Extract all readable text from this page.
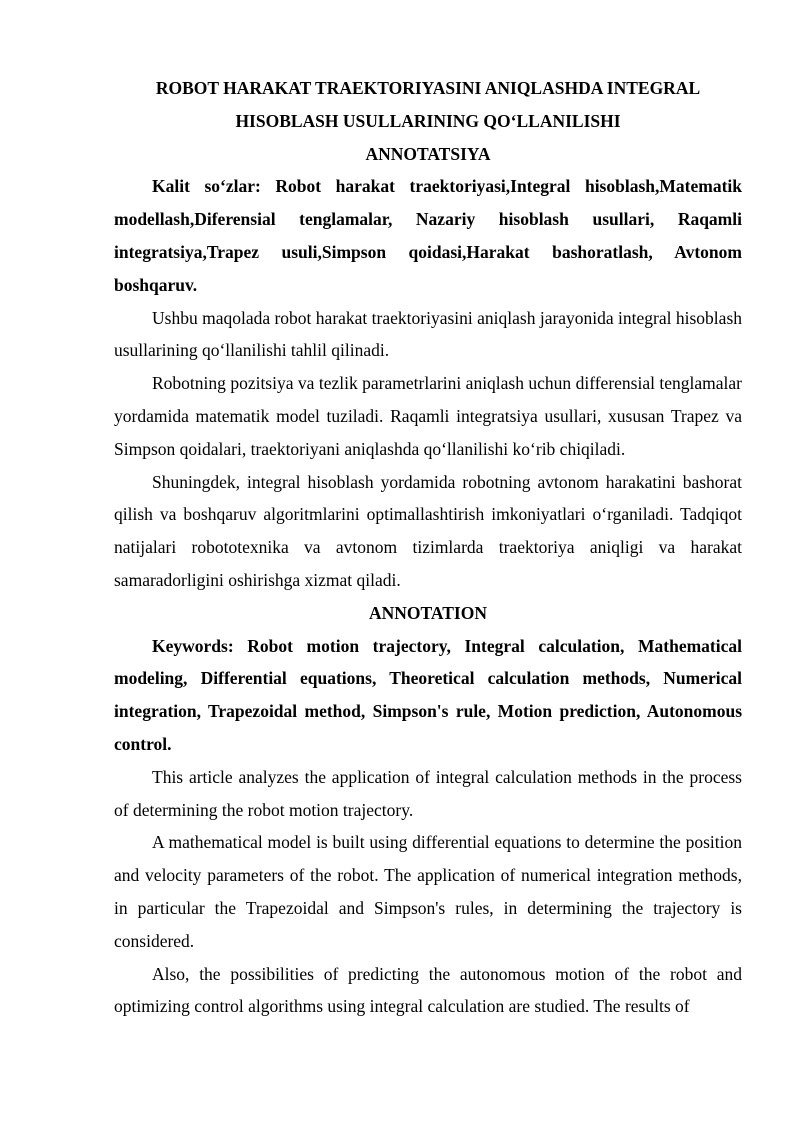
ROBOT HARAKAT TRAEKTORIYASINI ANIQLASHDA INTEGRAL HISOBLASH USULLARINING QO‘LLANILISHI

ANNOTATSIYA

Kalit so‘zlar: Robot harakat traektoriyasi,Integral hisoblash,Matematik modellash,Diferensial tenglamalar, Nazariy hisoblash usullari, Raqamli integratsiya,Trapez usuli,Simpson qoidasi,Harakat bashoratlash, Avtonom boshqaruv.

Ushbu maqolada robot harakat traektoriyasini aniqlash jarayonida integral hisoblash usullarining qo‘llanilishi tahlil qilinadi.

Robotning pozitsiya va tezlik parametrlarini aniqlash uchun differensial tenglamalar yordamida matematik model tuziladi. Raqamli integratsiya usullari, xususan Trapez va Simpson qoidalari, traektoriyani aniqlashda qo‘llanilishi ko‘rib chiqiladi.

Shuningdek, integral hisoblash yordamida robotning avtonom harakatini bashorat qilish va boshqaruv algoritmlarini optimallashtirish imkoniyatlari o‘rganiladi. Tadqiqot natijalari robototexnika va avtonom tizimlarda traektoriya aniqligi va harakat samaradorligini oshirishga xizmat qiladi.

ANNOTATION

Keywords: Robot motion trajectory, Integral calculation, Mathematical modeling, Differential equations, Theoretical calculation methods, Numerical integration, Trapezoidal method, Simpson's rule, Motion prediction, Autonomous control.

This article analyzes the application of integral calculation methods in the process of determining the robot motion trajectory.

A mathematical model is built using differential equations to determine the position and velocity parameters of the robot. The application of numerical integration methods, in particular the Trapezoidal and Simpson's rules, in determining the trajectory is considered.

Also, the possibilities of predicting the autonomous motion of the robot and optimizing control algorithms using integral calculation are studied. The results of
